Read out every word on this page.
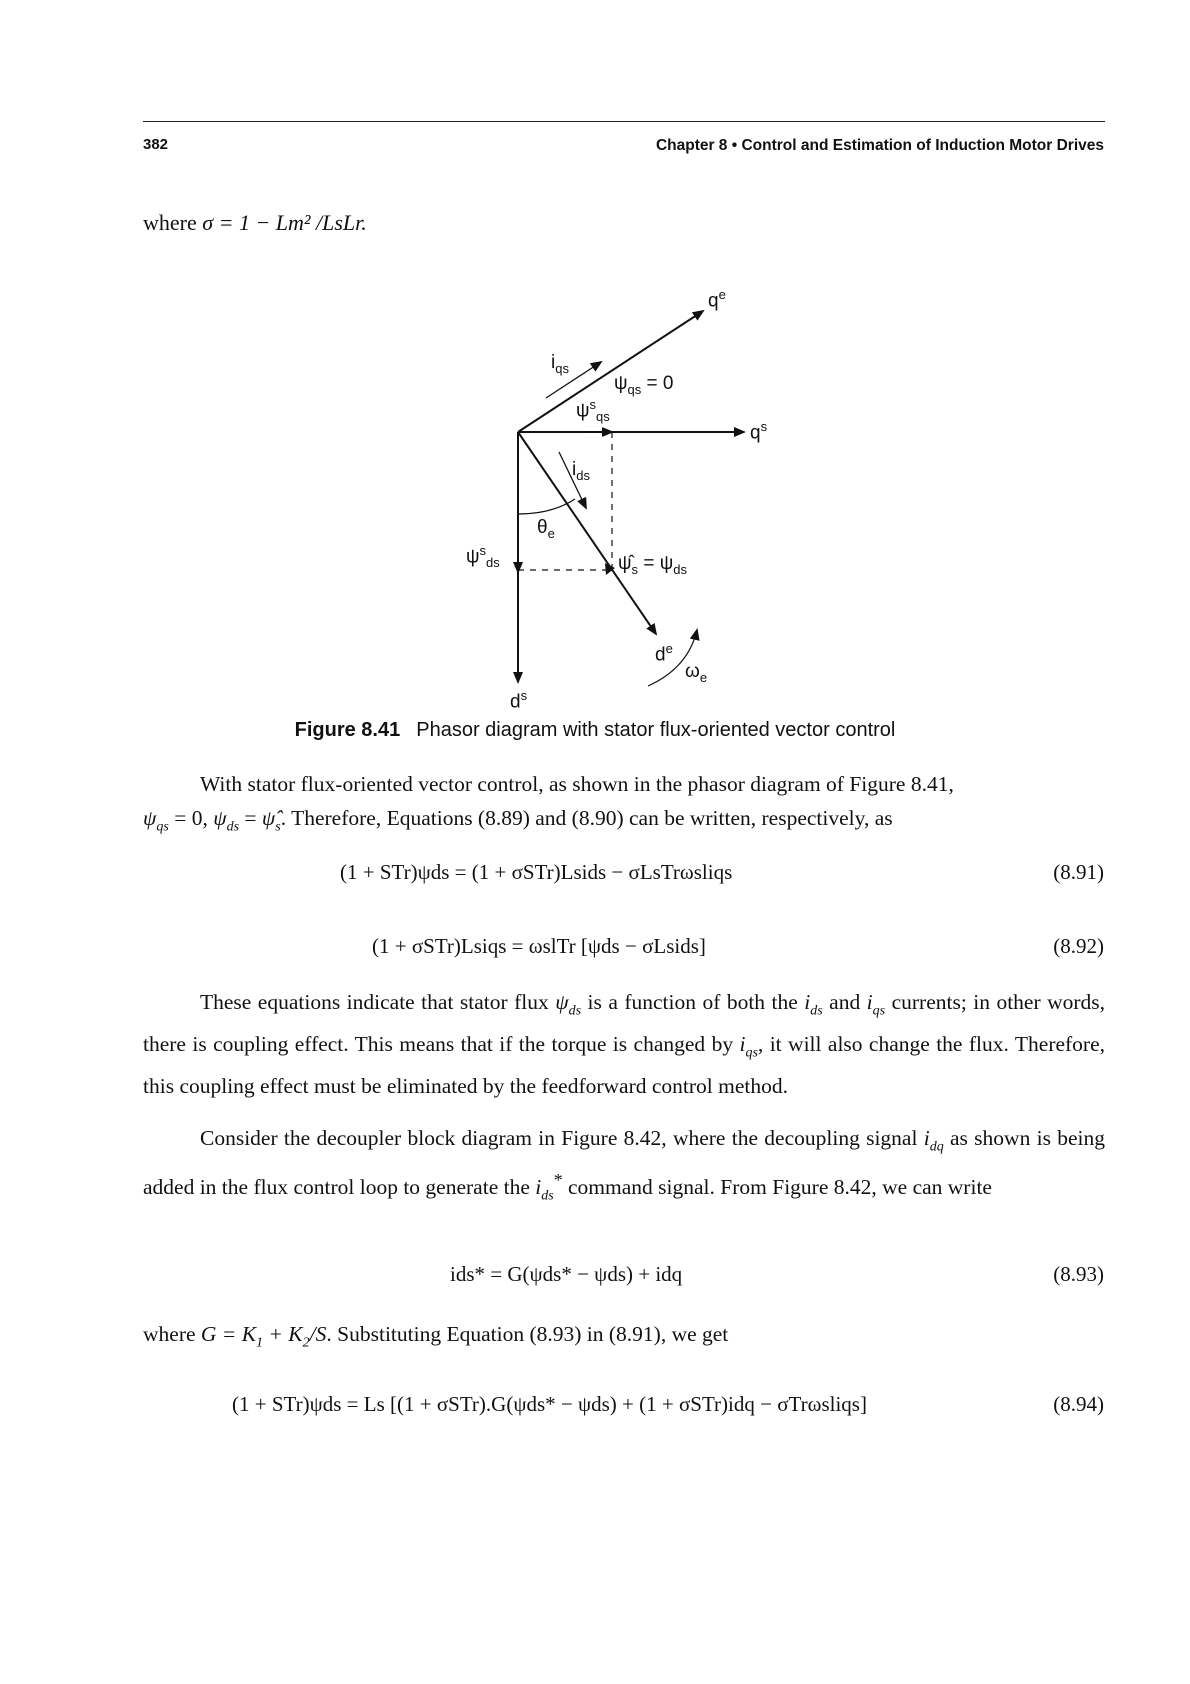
382	Chapter 8 • Control and Estimation of Induction Motor Drives
where σ = 1 − Lm² /LsLr.
$q^e$
$q^s$
$d^s$
$d^e$
$i_{qs}$
$i_{ds}$
$\psi_{qs} = 0$
$\psi^s_{qs}$
$\psi^s_{ds}$	$\psî_s = \psi_{ds}$
$\theta_e$
$\omega_e$
Figure 8.41 Phasor diagram with stator flux-oriented vector control
With stator flux-oriented vector control, as shown in the phasor diagram of Figure 8.41,
$\psi_{qs} = 0$, $\psi_{ds}$ = $\psî_s$. Therefore, Equations (8.89) and (8.90) can be written, respectively, as
(1 + STr)ψds = (1 + σSTr)Lsids − σLsTrωsliqs	(8.91)
(1 + σSTr)Lsiqs = ωslTr [ψds − σLsids]	(8.92)
These equations indicate that stator flux $\psi_{ds}$ is a function of both the $i_{ds}$ and $i_{qs}$ currents; in other words, there is coupling effect. This means that if the torque is changed by $i_{qs}$, it will also change the flux. Therefore, this coupling effect must be eliminated by the feedforward control method.
Consider the decoupler block diagram in Figure 8.42, where the decoupling signal $i_{dq}$ as shown is being added in the flux control loop to generate the $i_{ds}^*$ command signal. From Figure 8.42, we can write
ids* = G(ψds* − ψds) + idq	(8.93)
where $G = K_1 + K_2/S$. Substituting Equation (8.93) in (8.91), we get
(1 + STr)ψds = Ls [(1 + σSTr).G(ψds* − ψds) + (1 + σSTr)idq − σTrωsliqs]	(8.94)
